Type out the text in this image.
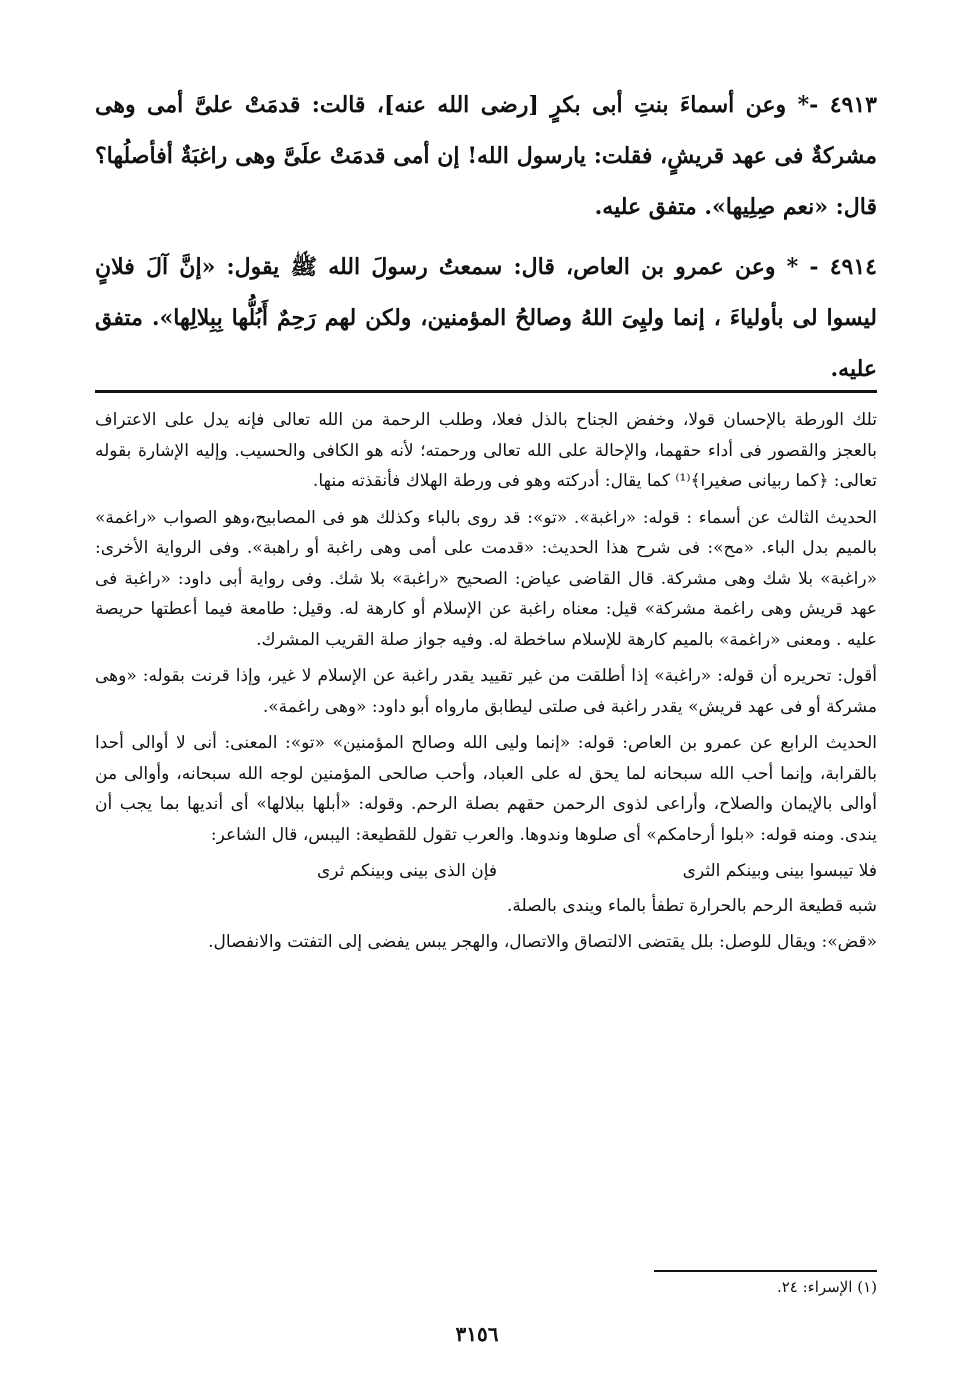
٤٩١٣ -* وعن أسماءَ بنتِ أبى بكرٍ [رضى الله عنه]، قالت: قدمَتْ علىَّ أمى وهى مشركةٌ فى عهد قريشٍ، فقلت: يارسول الله! إن أمى قدمَتْ علَىَّ وهى راغبَةٌ أفأصلُها؟ قال: «نعم صِلِيها». متفق عليه.

٤٩١٤ - * وعن عمرو بن العاص، قال: سمعتُ رسولَ الله ﷺ يقول: «إنَّ آلَ فلانٍ ليسوا لى بأولياءَ ، إنما وليِىَ اللهُ وصالحُ المؤمنين، ولكن لهم رَحِمٌ أَبُلُّها بِبِلالِها». متفق عليه.

تلك الورطة بالإحسان قولا، وخفض الجناح بالذل فعلا، وطلب الرحمة من الله تعالى فإنه يدل على الاعتراف بالعجز والقصور فى أداء حقهما، والإحالة على الله تعالى ورحمته؛ لأنه هو الكافى والحسيب. وإليه الإشارة بقوله تعالى: ﴿كما ربيانى صغيرا﴾⁽¹⁾ كما يقال: أدركته وهو فى ورطة الهلاك فأنقذته منها.

الحديث الثالث عن أسماء : قوله: «راغبة». «تو»: قد روى بالباء وكذلك هو فى المصابيح،وهو الصواب «راغمة» بالميم بدل الباء. «مح»: فى شرح هذا الحديث: «قدمت على أمى وهى راغبة أو راهبة». وفى الرواية الأخرى: «راغبة» بلا شك وهى مشركة. قال القاضى عياض: الصحيح «راغبة» بلا شك. وفى رواية أبى داود: «راغبة فى عهد قريش وهى راغمة مشركة» قيل: معناه راغبة عن الإسلام أو كارهة له. وقيل: طامعة فيما أعطتها حريصة عليه . ومعنى «راغمة» بالميم كارهة للإسلام ساخطة له. وفيه جواز صلة القريب المشرك.

أقول: تحريره أن قوله: «راغبة» إذا أطلقت من غير تقييد يقدر راغبة عن الإسلام لا غير، وإذا قرنت بقوله: «وهى مشركة أو فى عهد قريش» يقدر راغبة فى صلتى ليطابق مارواه أبو داود: «وهى راغمة».

الحديث الرابع عن عمرو بن العاص: قوله: «إنما وليى الله وصالح المؤمنين» «تو»: المعنى: أنى لا أوالى أحدا بالقرابة، وإنما أحب الله سبحانه لما يحق له على العباد، وأحب صالحى المؤمنين لوجه الله سبحانه، وأوالى من أوالى بالإيمان والصلاح، وأراعى لذوى الرحمن حقهم بصلة الرحم. وقوله: «أبلها ببلالها» أى أنديها بما يجب أن يندى. ومنه قوله: «بلوا أرحامكم» أى صلوها وندوها. والعرب تقول للقطيعة: اليبس، قال الشاعر:

فلا تيبسوا بينى وبينكم الثرى
فإن الذى بينى وبينكم ثرى

شبه قطيعة الرحم بالحرارة تطفأ بالماء ويندى بالصلة.

«قض»: ويقال للوصل: بلل يقتضى الالتصاق والاتصال، والهجر يبس يفضى إلى التفتت والانفصال.

(١) الإسراء: ٢٤.
٣١٥٦
